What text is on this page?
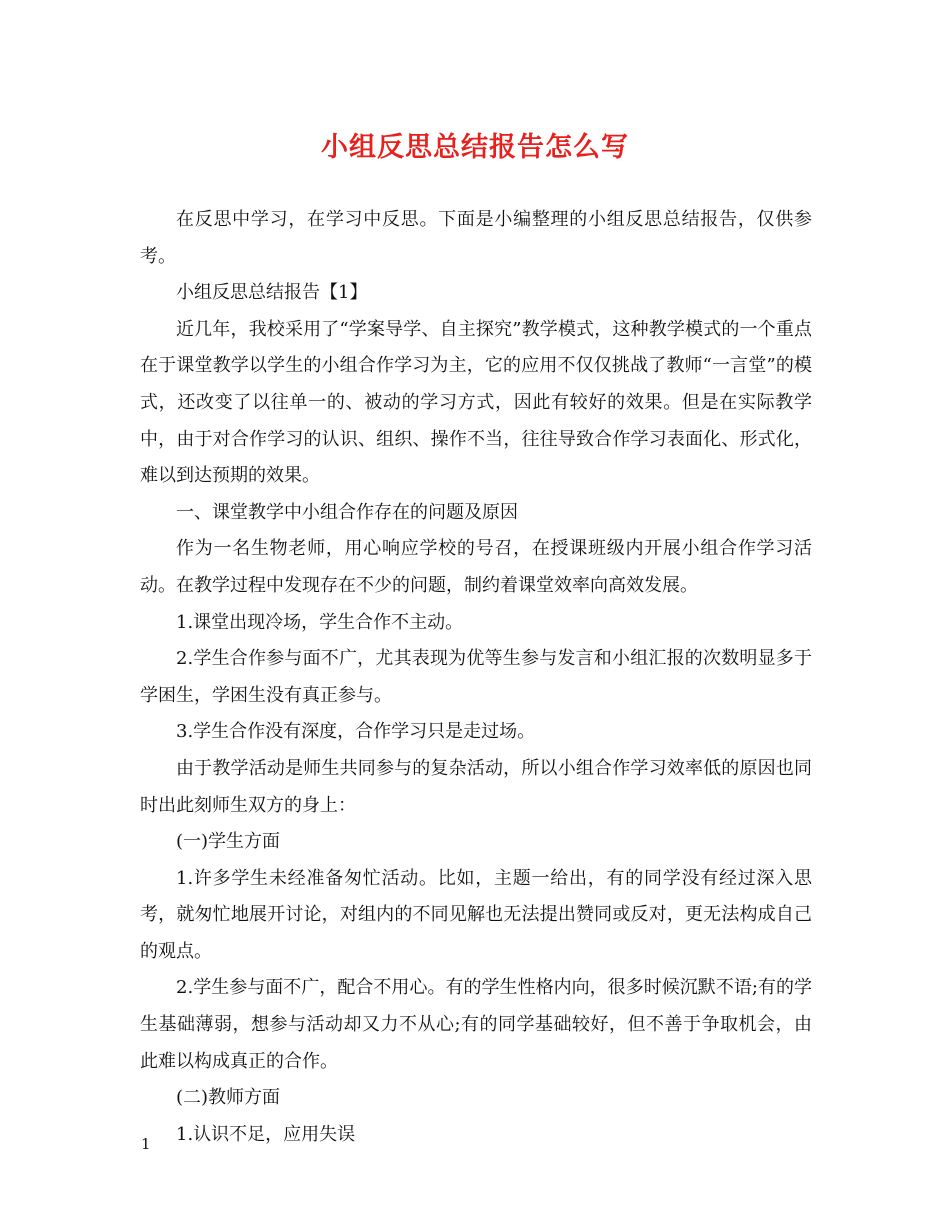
小组反思总结报告怎么写

在反思中学习，在学习中反思。下面是小编整理的小组反思总结报告，仅供参考。

小组反思总结报告【1】

近几年，我校采用了“学案导学、自主探究”教学模式，这种教学模式的一个重点在于课堂教学以学生的小组合作学习为主，它的应用不仅仅挑战了教师“一言堂”的模式，还改变了以往单一的、被动的学习方式，因此有较好的效果。但是在实际教学中，由于对合作学习的认识、组织、操作不当，往往导致合作学习表面化、形式化，难以到达预期的效果。

一、课堂教学中小组合作存在的问题及原因

作为一名生物老师，用心响应学校的号召，在授课班级内开展小组合作学习活动。在教学过程中发现存在不少的问题，制约着课堂效率向高效发展。

1.课堂出现冷场，学生合作不主动。

2.学生合作参与面不广，尤其表现为优等生参与发言和小组汇报的次数明显多于学困生，学困生没有真正参与。

3.学生合作没有深度，合作学习只是走过场。

由于教学活动是师生共同参与的复杂活动，所以小组合作学习效率低的原因也同时出此刻师生双方的身上：

(一)学生方面

1.许多学生未经准备匆忙活动。比如，主题一给出，有的同学没有经过深入思考，就匆忙地展开讨论，对组内的不同见解也无法提出赞同或反对，更无法构成自己的观点。

2.学生参与面不广，配合不用心。有的学生性格内向，很多时候沉默不语;有的学生基础薄弱，想参与活动却又力不从心;有的同学基础较好，但不善于争取机会，由此难以构成真正的合作。

(二)教师方面

1.认识不足，应用失误

1
